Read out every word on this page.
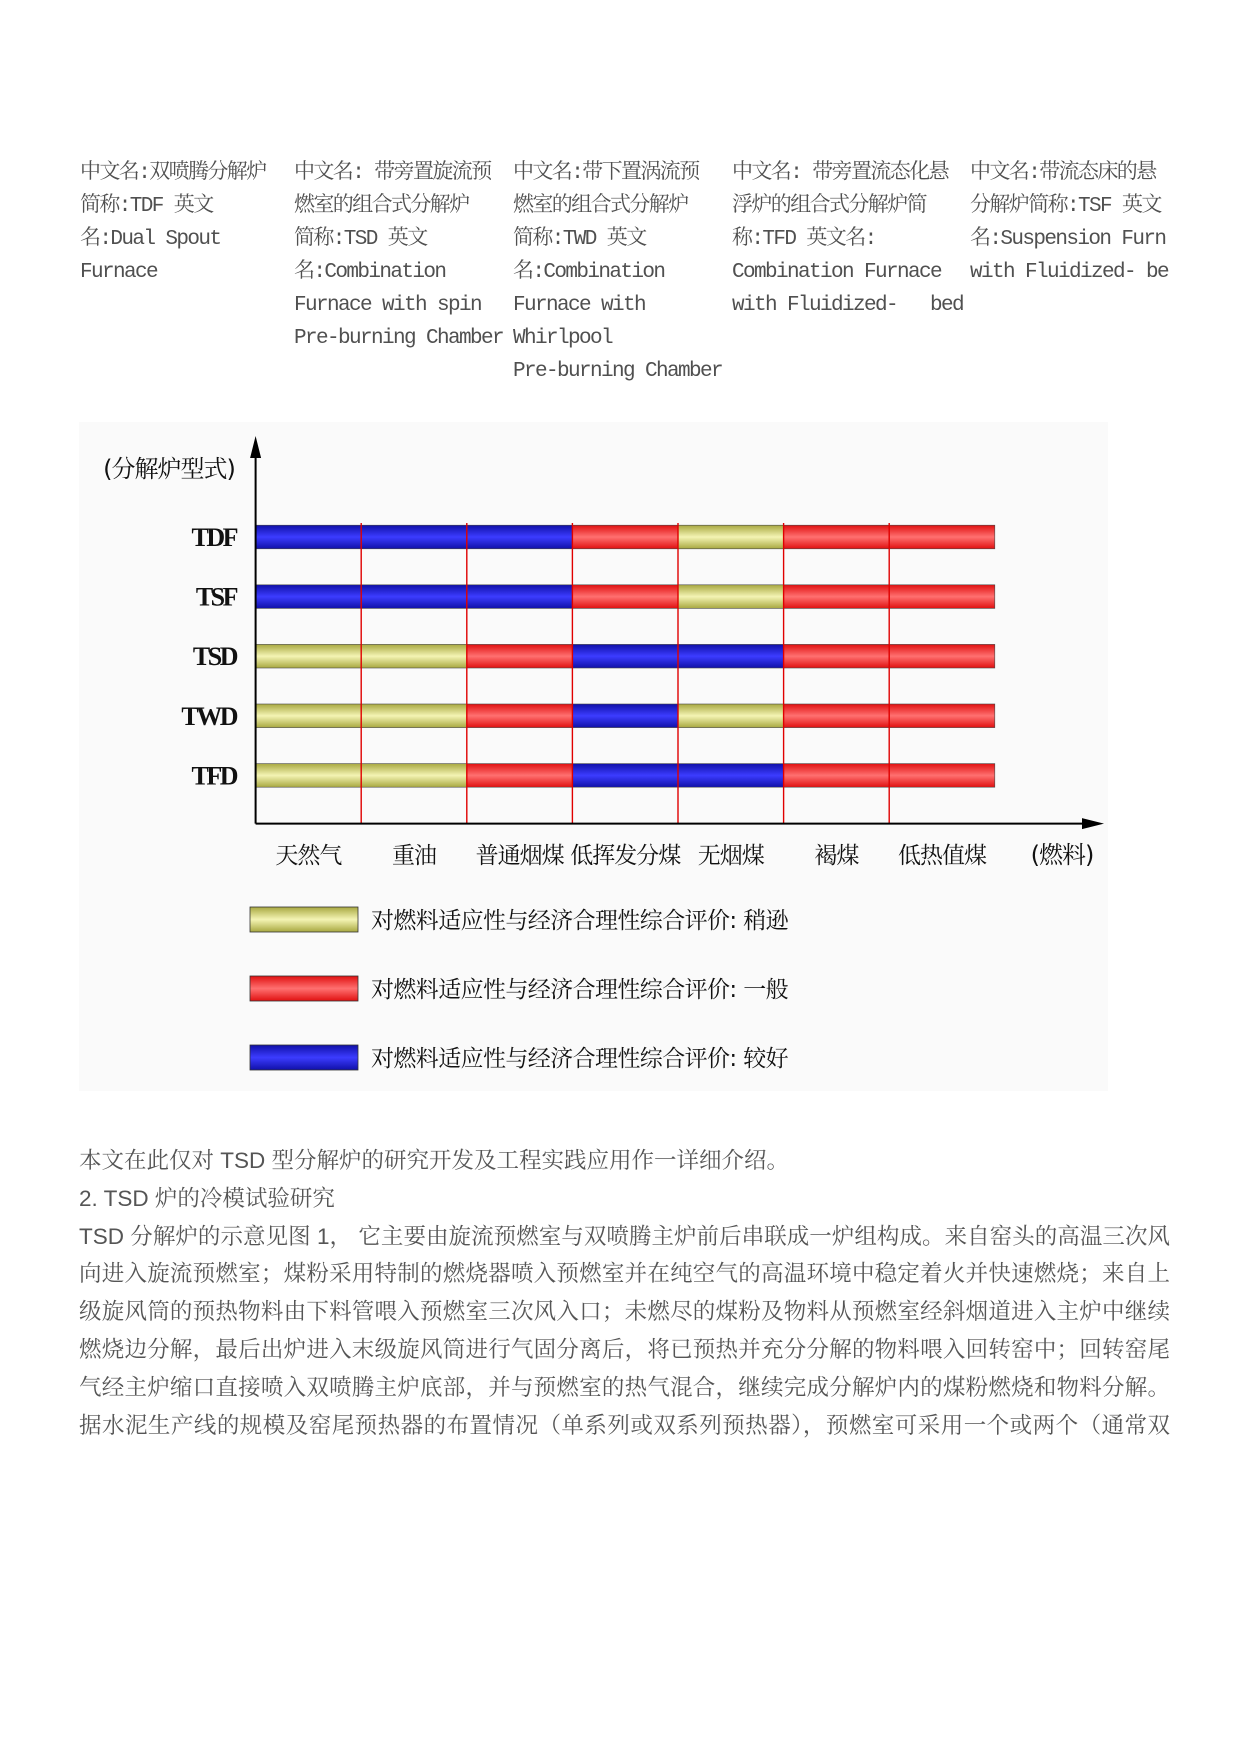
中文名:双喷腾分解炉
简称:TDF 英文
名:Dual Spout
Furnace
中文名: 带旁置旋流预
燃室的组合式分解炉
简称:TSD 英文
名:Combination
Furnace with spin
Pre-burning Chamber
中文名:带下置涡流预
燃室的组合式分解炉
简称:TWD 英文
名:Combination
Furnace with
Whirlpool
Pre-burning Chamber
中文名: 带旁置流态化悬
浮炉的组合式分解炉简
称:TFD 英文名:
Combination Furnace
with Fluidized-   bed
中文名:带流态床的悬
分解炉简称:TSF 英文
名:Suspension Furn
with Fluidized- be
TDF
TSF
TSD
TWD
TFD
天然气 重油 普通烟煤 低挥发分煤 无烟煤 褐煤 低热值煤
(分解炉型式)
(燃料)
对燃料适应性与经济合理性综合评价: 稍逊
对燃料适应性与经济合理性综合评价: 一般
对燃料适应性与经济合理性综合评价: 较好
本文在此仅对 TSD 型分解炉的研究开发及工程实践应用作一详细介绍。
2. TSD 炉的冷模试验研究
TSD 分解炉的示意见图 1， 它主要由旋流预燃室与双喷腾主炉前后串联成一炉组构成。来自窑头的高温三次风
向进入旋流预燃室；煤粉采用特制的燃烧器喷入预燃室并在纯空气的高温环境中稳定着火并快速燃烧；来自上
级旋风筒的预热物料由下料管喂入预燃室三次风入口；未燃尽的煤粉及物料从预燃室经斜烟道进入主炉中继续
燃烧边分解，最后出炉进入末级旋风筒进行气固分离后，将已预热并充分分解的物料喂入回转窑中；回转窑尾
气经主炉缩口直接喷入双喷腾主炉底部，并与预燃室的热气混合，继续完成分解炉内的煤粉燃烧和物料分解。
据水泥生产线的规模及窑尾预热器的布置情况（单系列或双系列预热器），预燃室可采用一个或两个（通常双
